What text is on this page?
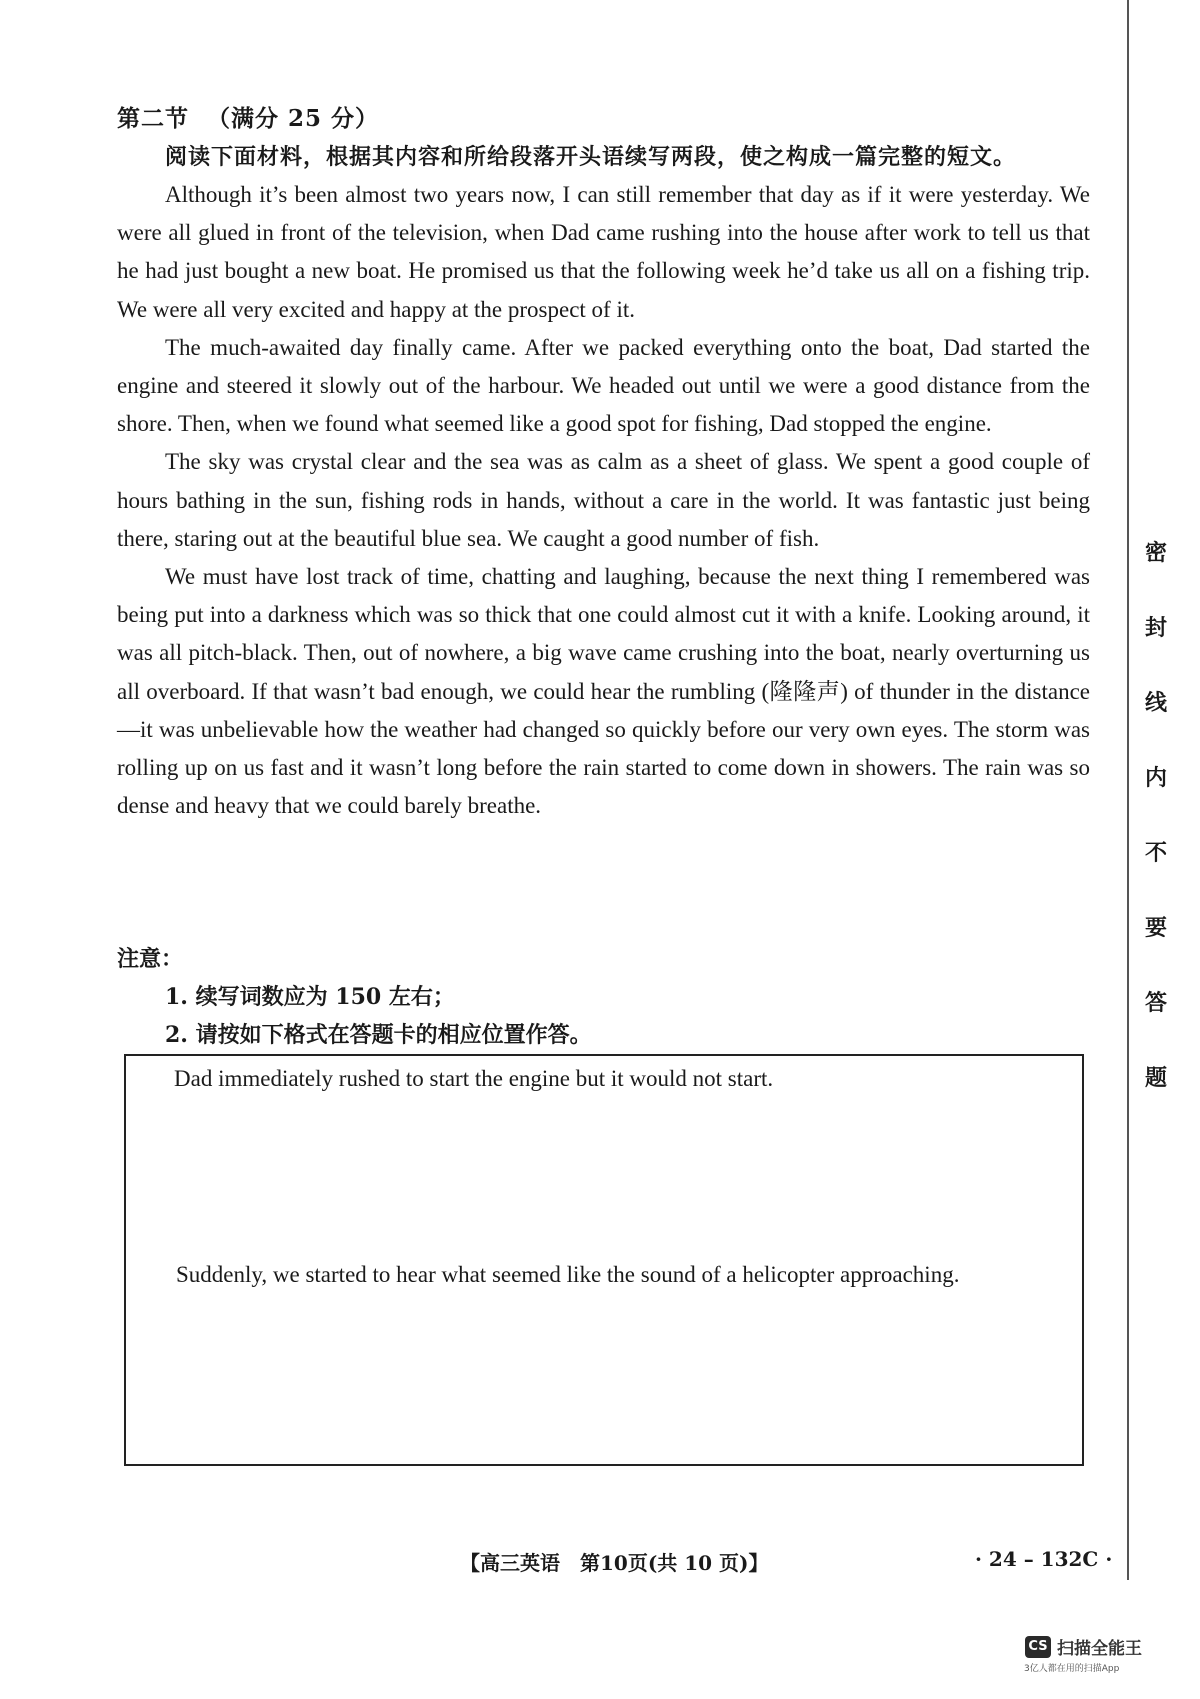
第二节 （满分 25 分）
阅读下面材料，根据其内容和所给段落开头语续写两段，使之构成一篇完整的短文。

Although it’s been almost two years now, I can still remember that day as if it were yesterday. We were all glued in front of the television, when Dad came rushing into the house after work to tell us that he had just bought a new boat. He promised us that the following week he’d take us all on a fishing trip. We were all very excited and happy at the prospect of it.

The much-awaited day finally came. After we packed everything onto the boat, Dad started the engine and steered it slowly out of the harbour. We headed out until we were a good distance from the shore. Then, when we found what seemed like a good spot for fishing, Dad stopped the engine.

The sky was crystal clear and the sea was as calm as a sheet of glass. We spent a good couple of hours bathing in the sun, fishing rods in hands, without a care in the world. It was fantastic just being there, staring out at the beautiful blue sea. We caught a good number of fish.

We must have lost track of time, chatting and laughing, because the next thing I remembered was being put into a darkness which was so thick that one could almost cut it with a knife. Looking around, it was all pitch-black. Then, out of nowhere, a big wave came crushing into the boat, nearly overturning us all overboard. If that wasn’t bad enough, we could hear the rumbling (隆隆声) of thunder in the distance—it was unbelievable how the weather had changed so quickly before our very own eyes. The storm was rolling up on us fast and it wasn’t long before the rain started to come down in showers. The rain was so dense and heavy that we could barely breathe.

注意：
1. 续写词数应为 150 左右；
2. 请按如下格式在答题卡的相应位置作答。
Dad immediately rushed to start the engine but it would not start.
Suddenly, we started to hear what seemed like the sound of a helicopter approaching.
【高三英语　第10页(共 10 页)】	· 24 – 132C ·
密
封
线
内
不
要
答
题
CS 扫描全能王
3亿人都在用的扫描App
